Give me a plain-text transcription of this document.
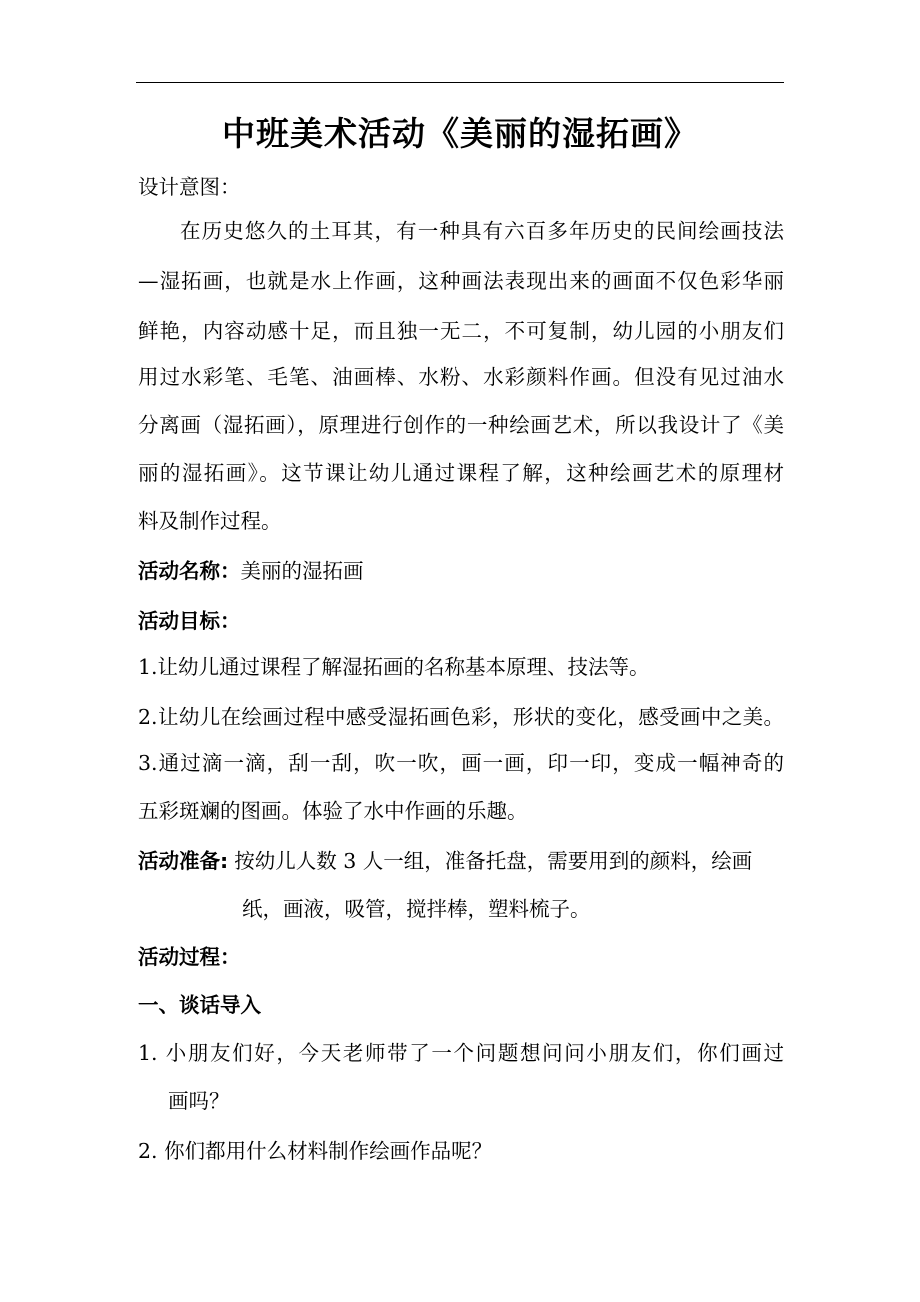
中班美术活动《美丽的湿拓画》
设计意图：
在历史悠久的土耳其，有一种具有六百多年历史的民间绘画技法
—湿拓画，也就是水上作画，这种画法表现出来的画面不仅色彩华丽
鲜艳，内容动感十足，而且独一无二，不可复制，幼儿园的小朋友们
用过水彩笔、毛笔、油画棒、水粉、水彩颜料作画。但没有见过油水
分离画（湿拓画），原理进行创作的一种绘画艺术，所以我设计了《美
丽的湿拓画》。这节课让幼儿通过课程了解，这种绘画艺术的原理材
料及制作过程。
活动名称：美丽的湿拓画
活动目标：
1.让幼儿通过课程了解湿拓画的名称基本原理、技法等。
2.让幼儿在绘画过程中感受湿拓画色彩，形状的变化，感受画中之美。
3.通过滴一滴，刮一刮，吹一吹，画一画，印一印，变成一幅神奇的
五彩斑斓的图画。体验了水中作画的乐趣。
活动准备: 按幼儿人数 3 人一组，准备托盘，需要用到的颜料，绘画
纸，画液，吸管，搅拌棒，塑料梳子。
活动过程：
一、谈话导入
1. 小朋友们好，今天老师带了一个问题想问问小朋友们，你们画过
画吗？
2. 你们都用什么材料制作绘画作品呢？
